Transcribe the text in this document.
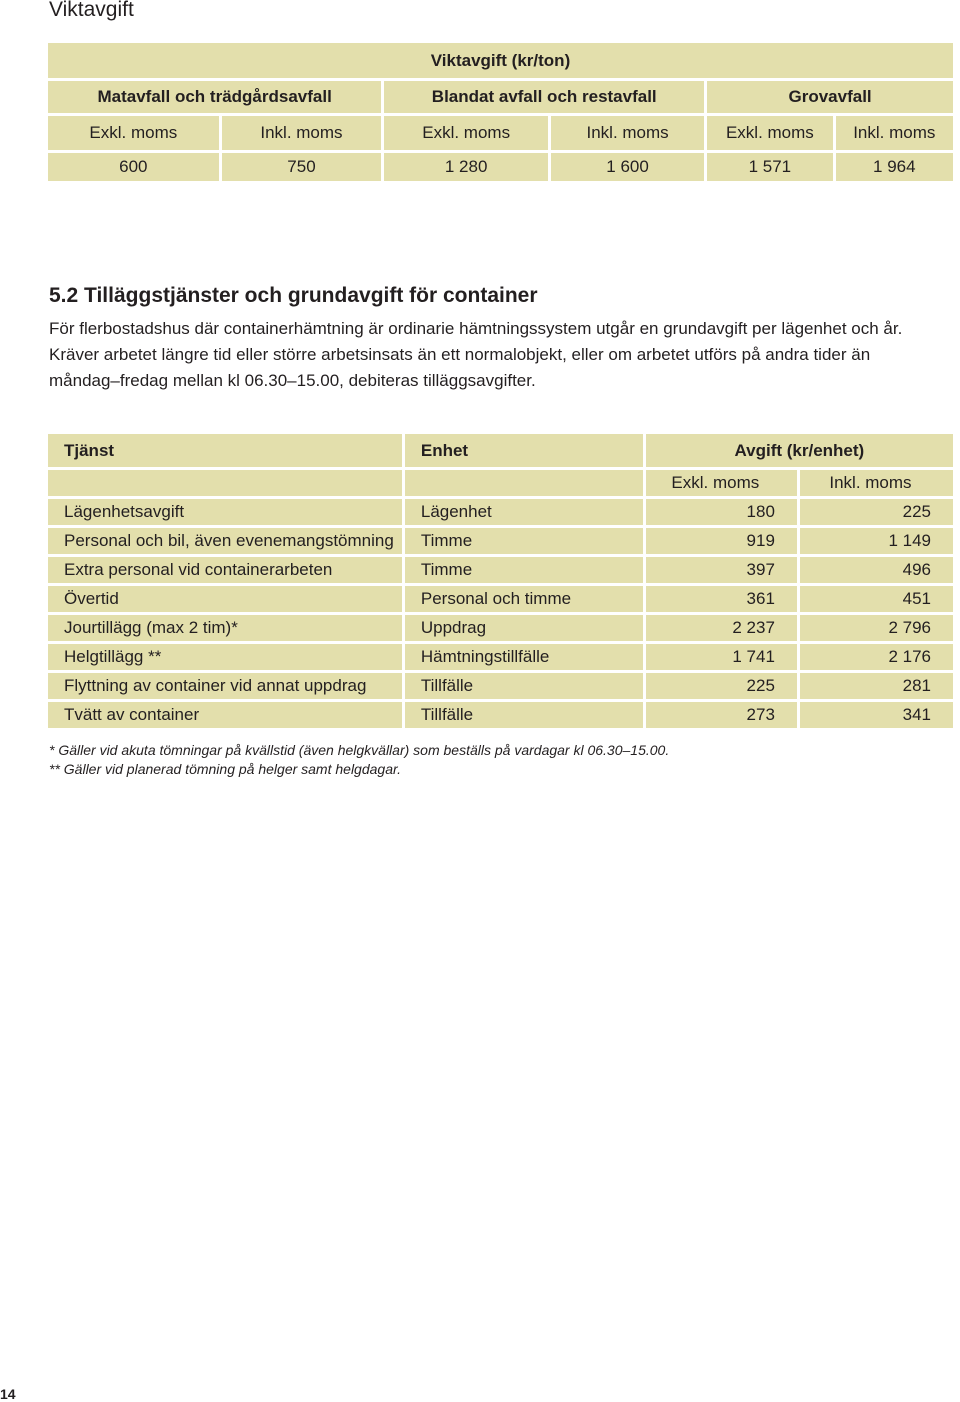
Viktavgift
Viktavgift (kr/ton)					
Matavfall och trädgårdsavfall		Blandat avfall och restavfall		Grovavfall	
Exkl. moms	Inkl. moms	Exkl. moms	Inkl. moms	Exkl. moms	Inkl. moms
600	750	1 280	1 600	1 571	1 964
5.2 Tilläggstjänster och grundavgift för container

För flerbostadshus där containerhämtning är ordinarie hämtningssystem utgår en grundavgift per lägenhet och år. Kräver arbetet längre tid eller större arbetsinsats än ett normalobjekt, eller om arbetet utförs på andra tider än måndag–fredag mellan kl 06.30–15.00, debiteras tilläggsavgifter.

Tjänst	Enhet	Avgift (kr/enhet)	
		Exkl. moms	Inkl. moms
Lägenhetsavgift	Lägenhet	180	225
Personal och bil, även evenemangstömning	Timme	919	1 149
Extra personal vid containerarbeten	Timme	397	496
Övertid	Personal och timme	361	451
Jourtillägg (max 2 tim)*	Uppdrag	2 237	2 796
Helgtillägg **	Hämtningstillfälle	1 741	2 176
Flyttning av container vid annat uppdrag	Tillfälle	225	281
Tvätt av container	Tillfälle	273	341

* Gäller vid akuta tömningar på kvällstid (även helgkvällar) som beställs på vardagar kl 06.30–15.00.

** Gäller vid planerad tömning på helger samt helgdagar.

14
